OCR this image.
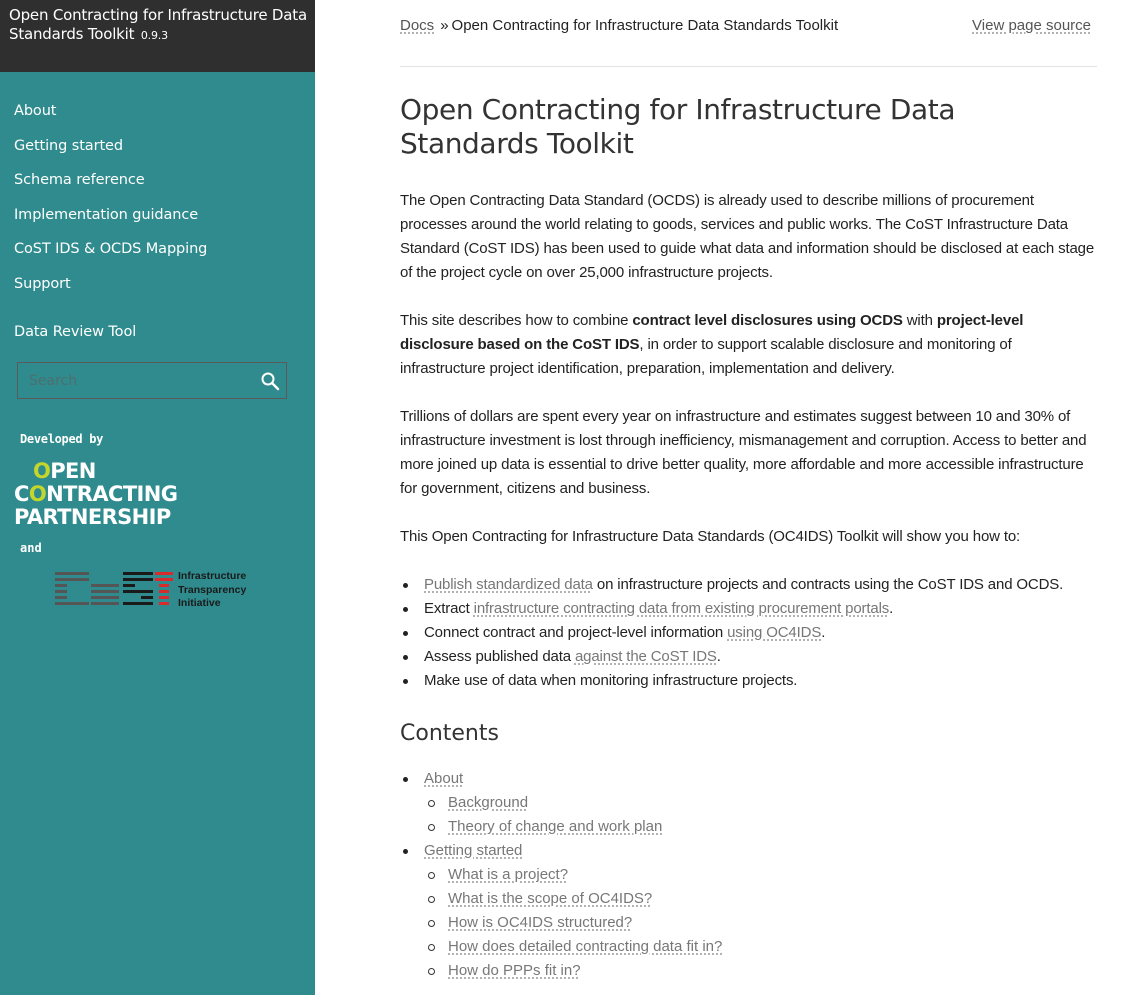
Open Contracting for Infrastructure Data Standards Toolkit 0.9.3
About
Getting started
Schema reference
Implementation guidance
CoST IDS & OCDS Mapping
Support
Data Review Tool
Search
Developed by
OPEN
CONTRACTING
PARTNERSHIP
and
Infrastructure
Transparency
Initiative
Docs » Open Contracting for Infrastructure Data Standards Toolkit	View page source
Open Contracting for Infrastructure Data Standards Toolkit

The Open Contracting Data Standard (OCDS) is already used to describe millions of procurement processes around the world relating to goods, services and public works. The CoST Infrastructure Data Standard (CoST IDS) has been used to guide what data and information should be disclosed at each stage of the project cycle on over 25,000 infrastructure projects.

This site describes how to combine contract level disclosures using OCDS with project-level disclosure based on the CoST IDS, in order to support scalable disclosure and monitoring of infrastructure project identification, preparation, implementation and delivery.

Trillions of dollars are spent every year on infrastructure and estimates suggest between 10 and 30% of infrastructure investment is lost through inefficiency, mismanagement and corruption. Access to better and more joined up data is essential to drive better quality, more affordable and more accessible infrastructure for government, citizens and business.

This Open Contracting for Infrastructure Data Standards (OC4IDS) Toolkit will show you how to:

Publish standardized data on infrastructure projects and contracts using the CoST IDS and OCDS.
Extract infrastructure contracting data from existing procurement portals.
Connect contract and project-level information using OC4IDS.
Assess published data against the CoST IDS.
Make use of data when monitoring infrastructure projects.
Contents
About
Background
Theory of change and work plan
Getting started
What is a project?
What is the scope of OC4IDS?
How is OC4IDS structured?
How does detailed contracting data fit in?
How do PPPs fit in?
